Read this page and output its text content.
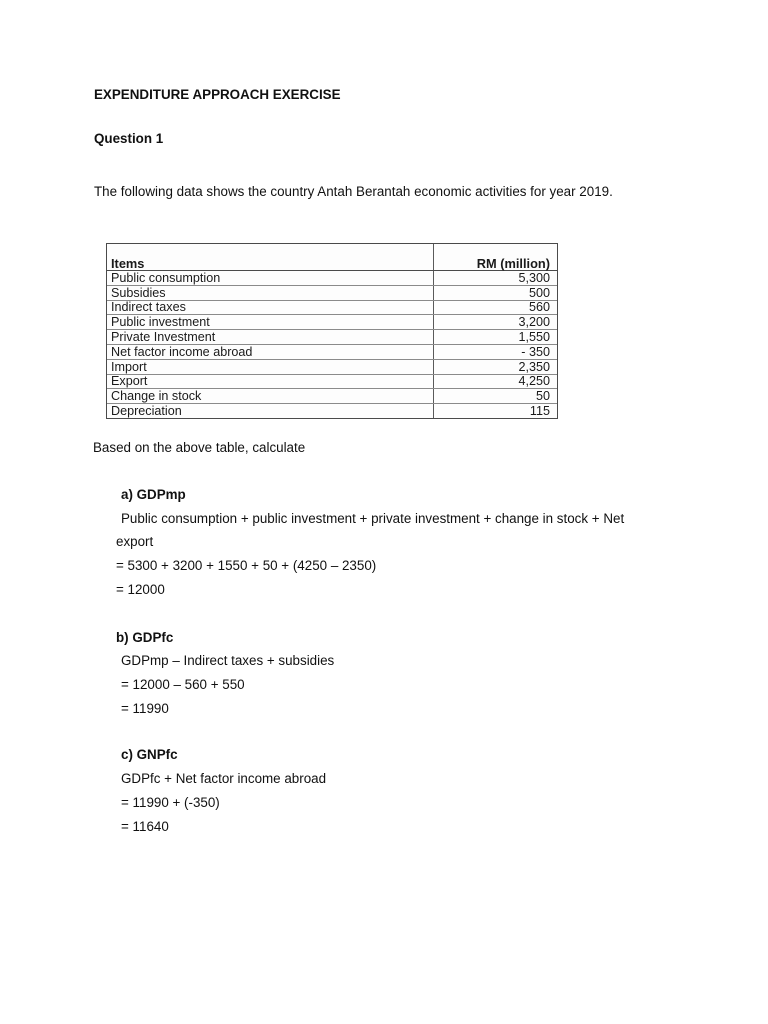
EXPENDITURE APPROACH EXERCISE
Question 1
The following data shows the country Antah Berantah economic activities for year 2019.
Items	RM (million)
Public consumption	5,300
Subsidies	500
Indirect taxes	560
Public investment	3,200
Private Investment	1,550
Net factor income abroad	- 350
Import	2,350
Export	4,250
Change in stock	50
Depreciation	115
Based on the above table, calculate
a) GDPmp
Public consumption + public investment + private investment + change in stock + Net
export
= 5300 + 3200 + 1550 + 50 + (4250 – 2350)
= 12000
b) GDPfc
GDPmp – Indirect taxes + subsidies
= 12000 – 560 + 550
= 11990
c) GNPfc
GDPfc + Net factor income abroad
= 11990 + (-350)
= 11640
